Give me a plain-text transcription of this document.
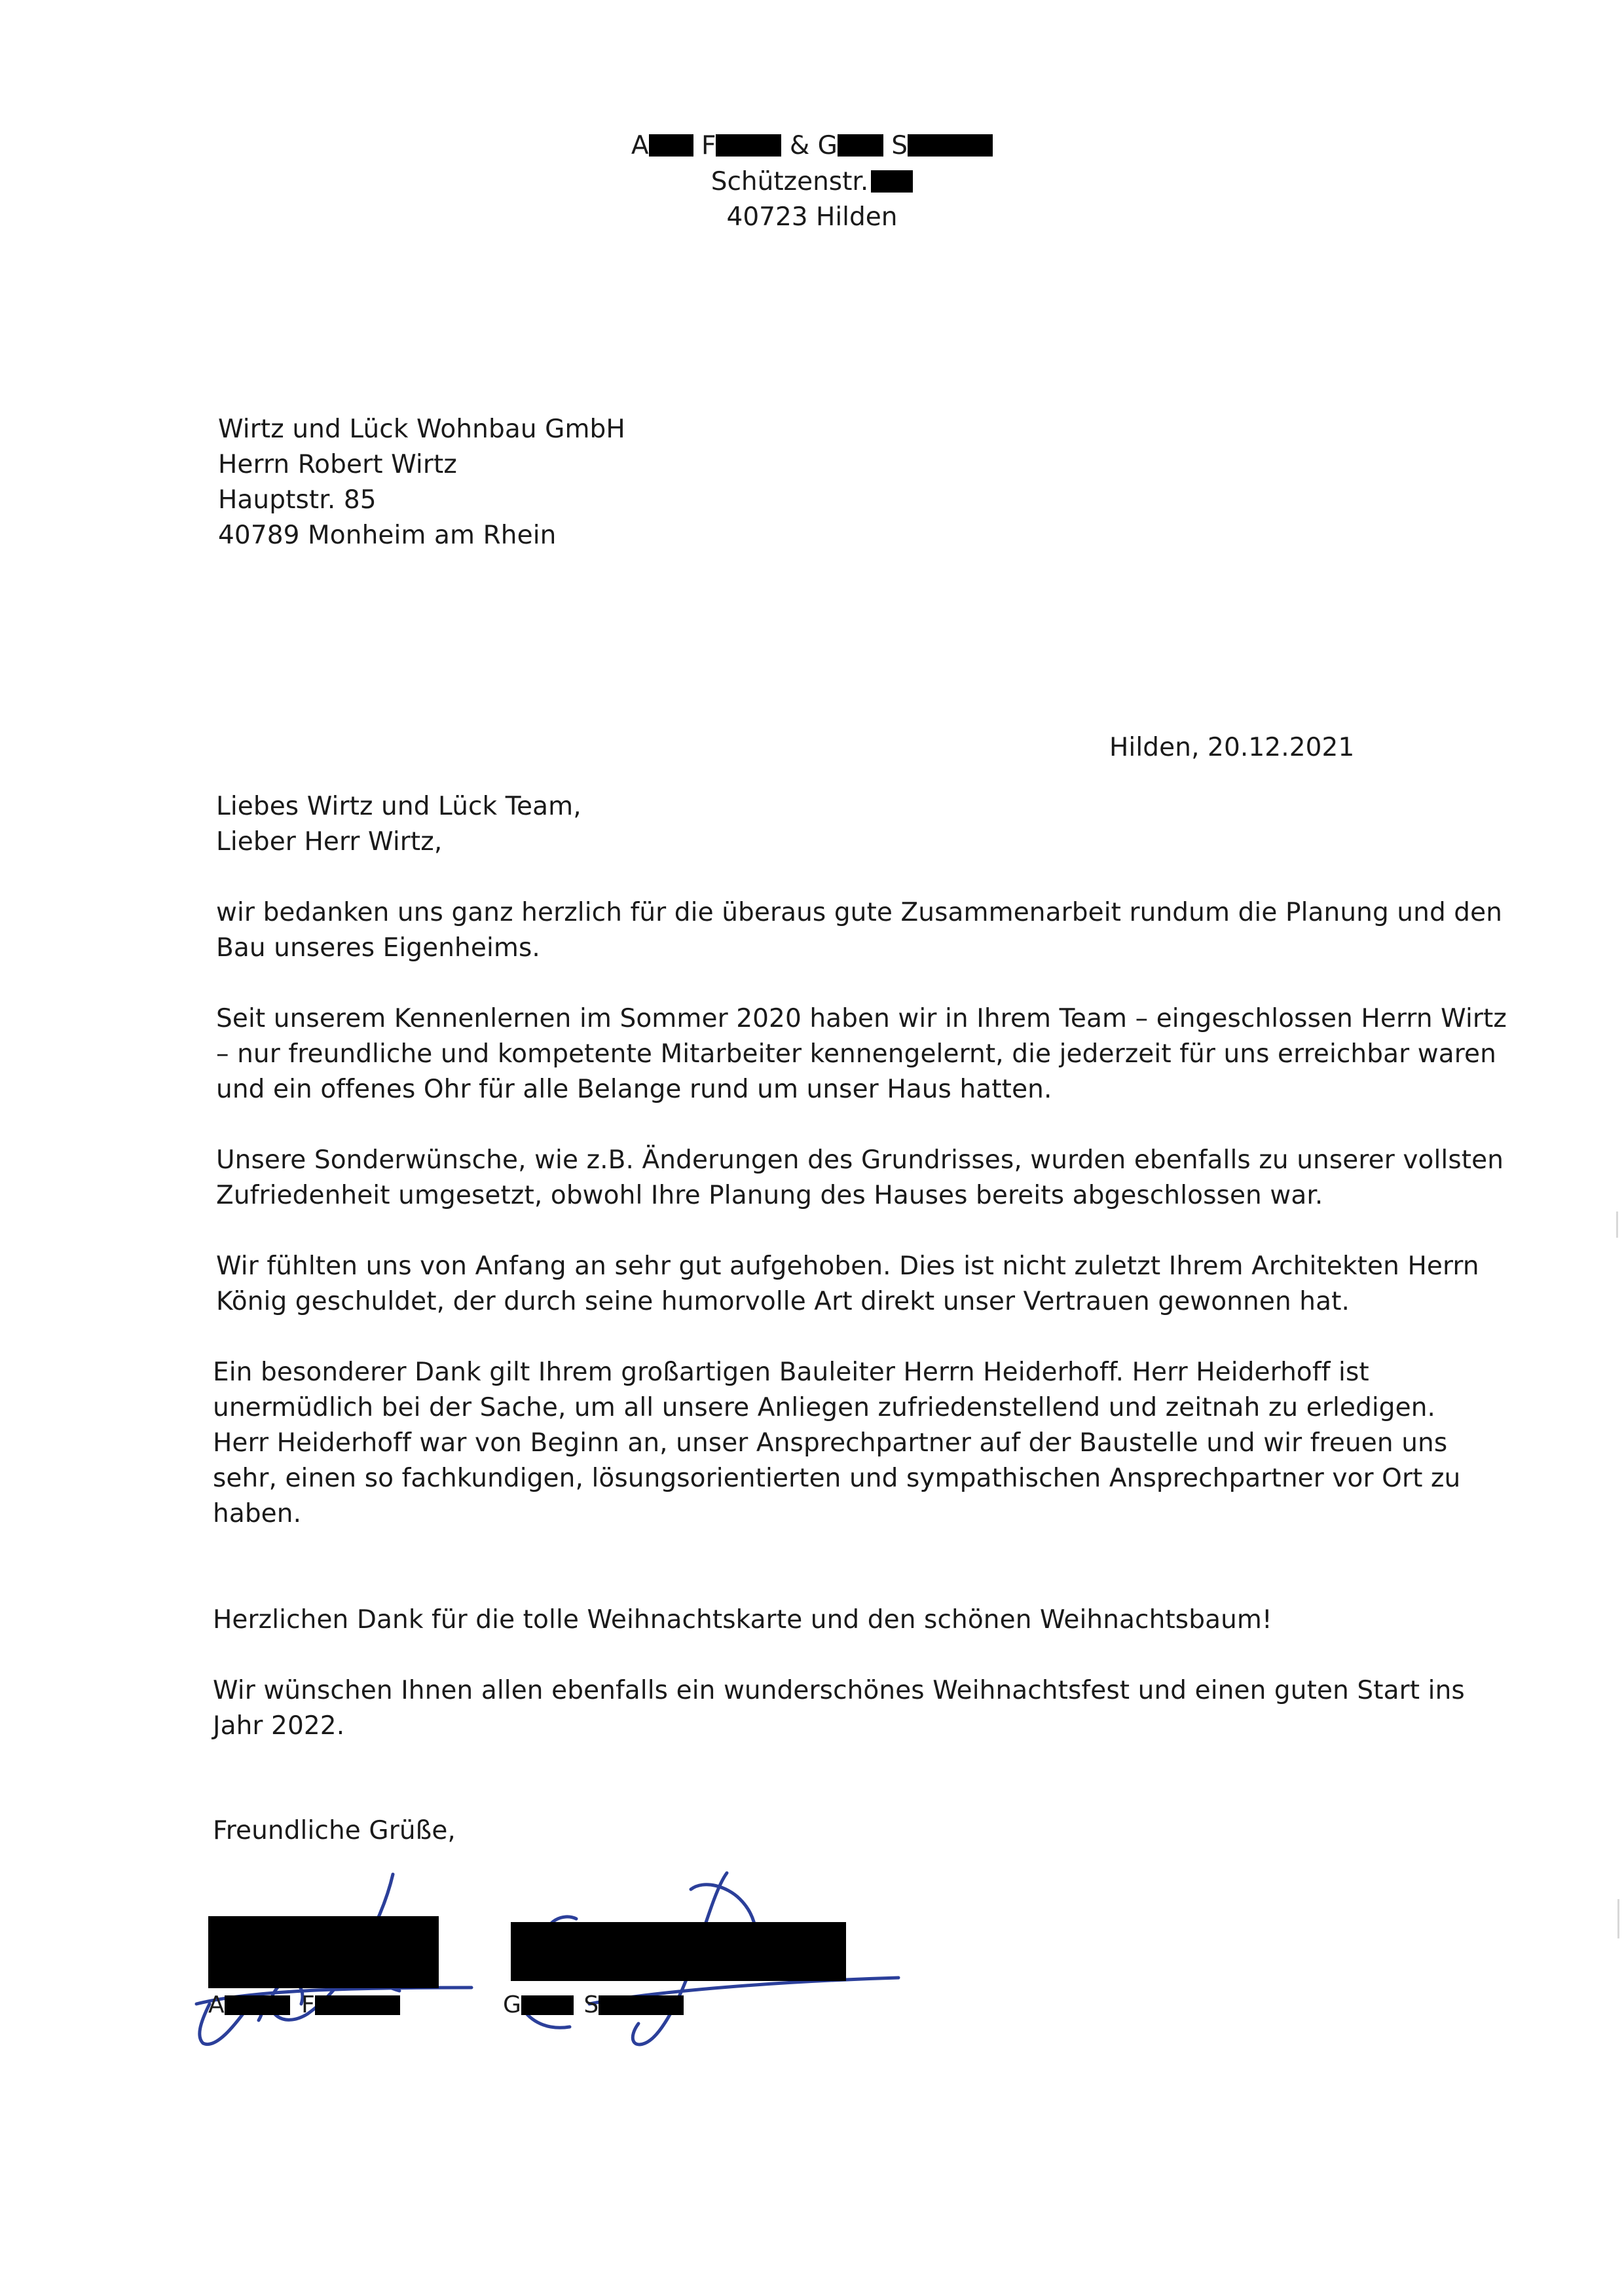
A F	& G S
Schützenstr.
40723 Hilden
Wirtz und Lück Wohnbau GmbH
Herrn Robert Wirtz
Hauptstr. 85
40789 Monheim am Rhein
Hilden, 20.12.2021
Liebes Wirtz und Lück Team,
Lieber Herr Wirtz,
wir bedanken uns ganz herzlich für die überaus gute Zusammenarbeit rundum die Planung und den
Bau unseres Eigenheims.
Seit unserem Kennenlernen im Sommer 2020 haben wir in Ihrem Team – eingeschlossen Herrn Wirtz
– nur freundliche und kompetente Mitarbeiter kennengelernt, die jederzeit für uns erreichbar waren
und ein offenes Ohr für alle Belange rund um unser Haus hatten.
Unsere Sonderwünsche, wie z.B. Änderungen des Grundrisses, wurden ebenfalls zu unserer vollsten
Zufriedenheit umgesetzt, obwohl Ihre Planung des Hauses bereits abgeschlossen war.
Wir fühlten uns von Anfang an sehr gut aufgehoben. Dies ist nicht zuletzt Ihrem Architekten Herrn
König geschuldet, der durch seine humorvolle Art direkt unser Vertrauen gewonnen hat.
Ein besonderer Dank gilt Ihrem großartigen Bauleiter Herrn Heiderhoff. Herr Heiderhoff ist
unermüdlich bei der Sache, um all unsere Anliegen zufriedenstellend und zeitnah zu erledigen.
Herr Heiderhoff war von Beginn an, unser Ansprechpartner auf der Baustelle und wir freuen uns
sehr, einen so fachkundigen, lösungsorientierten und sympathischen Ansprechpartner vor Ort zu
haben.
Herzlichen Dank für die tolle Weihnachtskarte und den schönen Weihnachtsbaum!
Wir wünschen Ihnen allen ebenfalls ein wunderschönes Weihnachtsfest und einen guten Start ins
Jahr 2022.
Freundliche Grüße,
A	F	G	S
